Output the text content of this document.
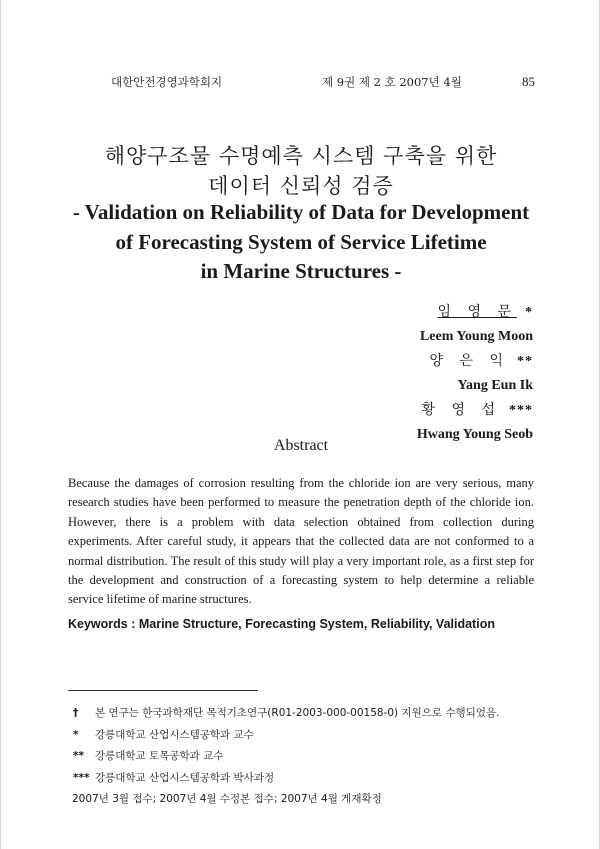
대한안전경영과학회지	제 9권 제 2 호 2007년 4월	85
해양구조물 수명예측 시스템 구축을 위한
데이터 신뢰성 검증
- Validation on Reliability of Data for Development
of Forecasting System of Service Lifetime
in Marine Structures -
임 영 문 *
Leem Young Moon
양 은 익 **
Yang Eun Ik
황 영 섭 ***
Hwang Young Seob
Abstract
Because the damages of corrosion resulting from the chloride ion are very serious, many research studies have been performed to measure the penetration depth of the chloride ion. However, there is a problem with data selection obtained from collection during experiments. After careful study, it appears that the collected data are not conformed to a normal distribution. The result of this study will play a very important role, as a first step for the development and construction of a forecasting system to help determine a reliable service lifetime of marine structures.
Keywords : Marine Structure, Forecasting System, Reliability, Validation
† 본 연구는 한국과학재단 목적기초연구(R01-2003-000-00158-0) 지원으로 수행되었음.
* 강릉대학교 산업시스템공학과 교수
** 강릉대학교 토목공학과 교수
*** 강릉대학교 산업시스템공학과 박사과정
2007년 3월 접수; 2007년 4월 수정본 접수; 2007년 4월 게재확정
